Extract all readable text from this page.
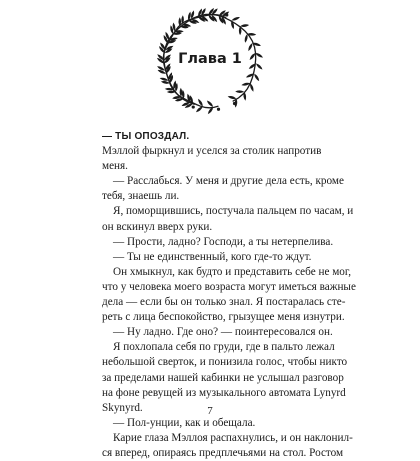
Глава 1
— ТЫ ОПОЗДАЛ.
Мэллой фыркнул и уселся за столик напротив
меня.
— Расслабься. У меня и другие дела есть, кроме
тебя, знаешь ли.
Я, поморщившись, постучала пальцем по часам, и
он вскинул вверх руки.
— Прости, ладно? Господи, а ты нетерпелива.
— Ты не единственный, кого где-то ждут.
Он хмыкнул, как будто и представить себе не мог,
что у человека моего возраста могут иметься важные
дела — если бы он только знал. Я постаралась сте-
реть с лица беспокойство, грызущее меня изнутри.
— Ну ладно. Где оно? — поинтересовался он.
Я похлопала себя по груди, где в пальто лежал
небольшой сверток, и понизила голос, чтобы никто
за пределами нашей кабинки не услышал разговор
на фоне ревущей из музыкального автомата Lynyrd
Skynyrd.
— Пол-унции, как и обещала.
Карие глаза Мэллоя распахнулись, и он наклонил-
ся вперед, опираясь предплечьями на стол. Ростом
7
